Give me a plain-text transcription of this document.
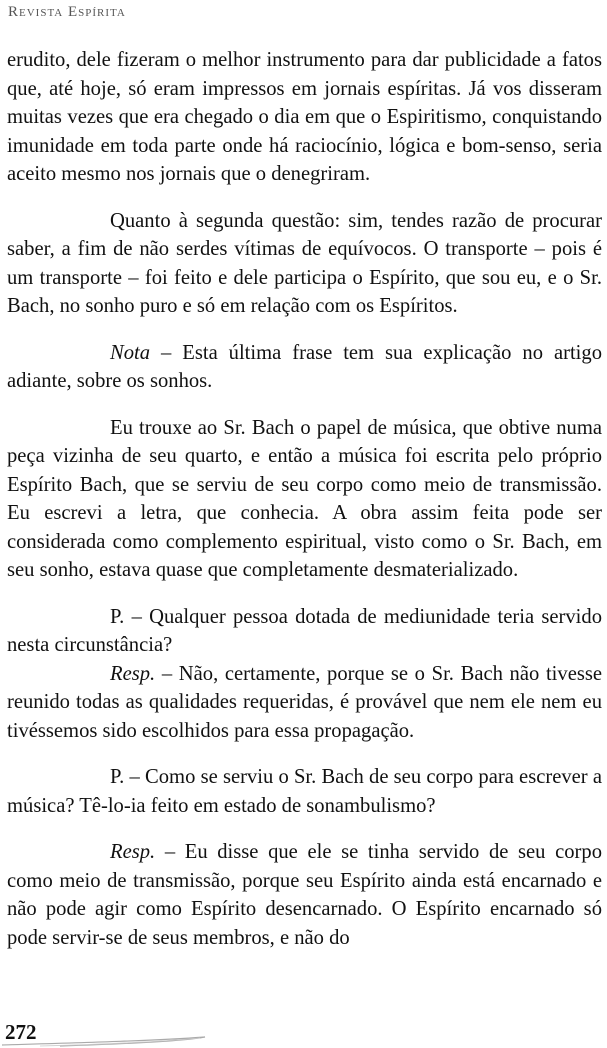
Revista Espírita

erudito, dele fizeram o melhor instrumento para dar publicidade a fatos que, até hoje, só eram impressos em jornais espíritas. Já vos disseram muitas vezes que era chegado o dia em que o Espiritismo, conquistando imunidade em toda parte onde há raciocínio, lógica e bom-senso, seria aceito mesmo nos jornais que o denegriram.

Quanto à segunda questão: sim, tendes razão de procurar saber, a fim de não serdes vítimas de equívocos. O transporte – pois é um transporte – foi feito e dele participa o Espírito, que sou eu, e o Sr. Bach, no sonho puro e só em relação com os Espíritos.

Nota – Esta última frase tem sua explicação no artigo adiante, sobre os sonhos.

Eu trouxe ao Sr. Bach o papel de música, que obtive numa peça vizinha de seu quarto, e então a música foi escrita pelo próprio Espírito Bach, que se serviu de seu corpo como meio de transmissão. Eu escrevi a letra, que conhecia. A obra assim feita pode ser considerada como complemento espiritual, visto como o Sr. Bach, em seu sonho, estava quase que completamente desmaterializado.

P. – Qualquer pessoa dotada de mediunidade teria servido nesta circunstância?

Resp. – Não, certamente, porque se o Sr. Bach não tivesse reunido todas as qualidades requeridas, é provável que nem ele nem eu tivéssemos sido escolhidos para essa propagação.

P. – Como se serviu o Sr. Bach de seu corpo para escrever a música? Tê-lo-ia feito em estado de sonambulismo?

Resp. – Eu disse que ele se tinha servido de seu corpo como meio de transmissão, porque seu Espírito ainda está encarnado e não pode agir como Espírito desencarnado. O Espírito encarnado só pode servir-se de seus membros, e não do

272
